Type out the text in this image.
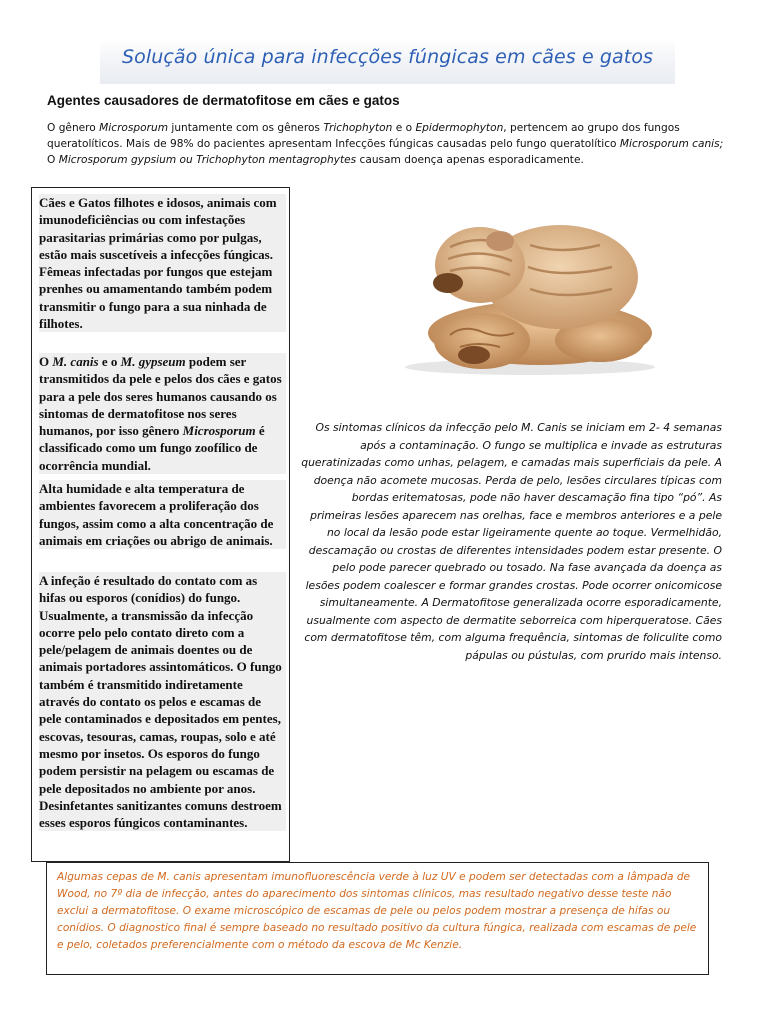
Solução única para infecções fúngicas em cães e gatos
Agentes causadores de dermatofitose em cães e gatos
O gênero Microsporum juntamente com os gêneros Trichophyton e o Epidermophyton, pertencem ao grupo dos fungos queratolíticos. Mais de 98% do pacientes apresentam Infecções fúngicas causadas pelo fungo queratolítico Microsporum canis; O Microsporum gypsium ou Trichophyton mentagrophytes causam doença apenas esporadicamente.
Cães e Gatos filhotes e idosos, animais com imunodeficiências ou com infestações parasitarias primárias como por pulgas, estão mais suscetíveis a infecções fúngicas. Fêmeas infectadas por fungos que estejam prenhes ou amamentando também podem transmitir o fungo para a sua ninhada de filhotes.
O M. canis e o M. gypseum podem ser transmitidos da pele e pelos dos cães e gatos para a pele dos seres humanos causando os sintomas de dermatofitose nos seres humanos, por isso gênero Microsporum é classificado como um fungo zoofílico de ocorrência mundial.
Alta humidade e alta temperatura de ambientes favorecem a proliferação dos fungos, assim como a alta concentração de animais em criações ou abrigo de animais.
A infeção é resultado do contato com as hifas ou esporos (conídios) do fungo. Usualmente, a transmissão da infecção ocorre pelo pelo contato direto com a pele/pelagem de animais doentes ou de animais portadores assintomáticos. O fungo também é transmitido indiretamente através do contato os pelos e escamas de pele contaminados e depositados em pentes, escovas, tesouras, camas, roupas, solo e até mesmo por insetos. Os esporos do fungo podem persistir na pelagem ou escamas de pele depositados no ambiente por anos. Desinfetantes sanitizantes comuns destroem esses esporos fúngicos contaminantes.
Os sintomas clínicos da infecção pelo M. Canis se iniciam em 2- 4 semanas após a contaminação. O fungo se multiplica e invade as estruturas queratinizadas como unhas, pelagem, e camadas mais superficiais da pele. A doença não acomete mucosas. Perda de pelo, lesões circulares típicas com bordas eritematosas, pode não haver descamação fina tipo “pó”. As primeiras lesões aparecem nas orelhas, face e membros anteriores e a pele no local da lesão pode estar ligeiramente quente ao toque. Vermelhidão, descamação ou crostas de diferentes intensidades podem estar presente. O pelo pode parecer quebrado ou tosado. Na fase avançada da doença as lesões podem coalescer e formar grandes crostas. Pode ocorrer onicomicose simultaneamente. A Dermatofitose generalizada ocorre esporadicamente, usualmente com aspecto de dermatite seborreica com hiperqueratose. Cães com dermatofitose têm, com alguma frequência, sintomas de foliculite como pápulas ou pústulas, com prurido mais intenso.
Algumas cepas de M. canis apresentam imunofluorescência verde à luz UV e podem ser detectadas com a lâmpada de Wood, no 7º dia de infecção, antes do aparecimento dos sintomas clínicos, mas resultado negativo desse teste não exclui a dermatofitose. O exame microscópico de escamas de pele ou pelos podem mostrar a presença de hifas ou conídios. O diagnostico final é sempre baseado no resultado positivo da cultura fúngica, realizada com escamas de pele e pelo, coletados preferencialmente com o método da escova de Mc Kenzie.
